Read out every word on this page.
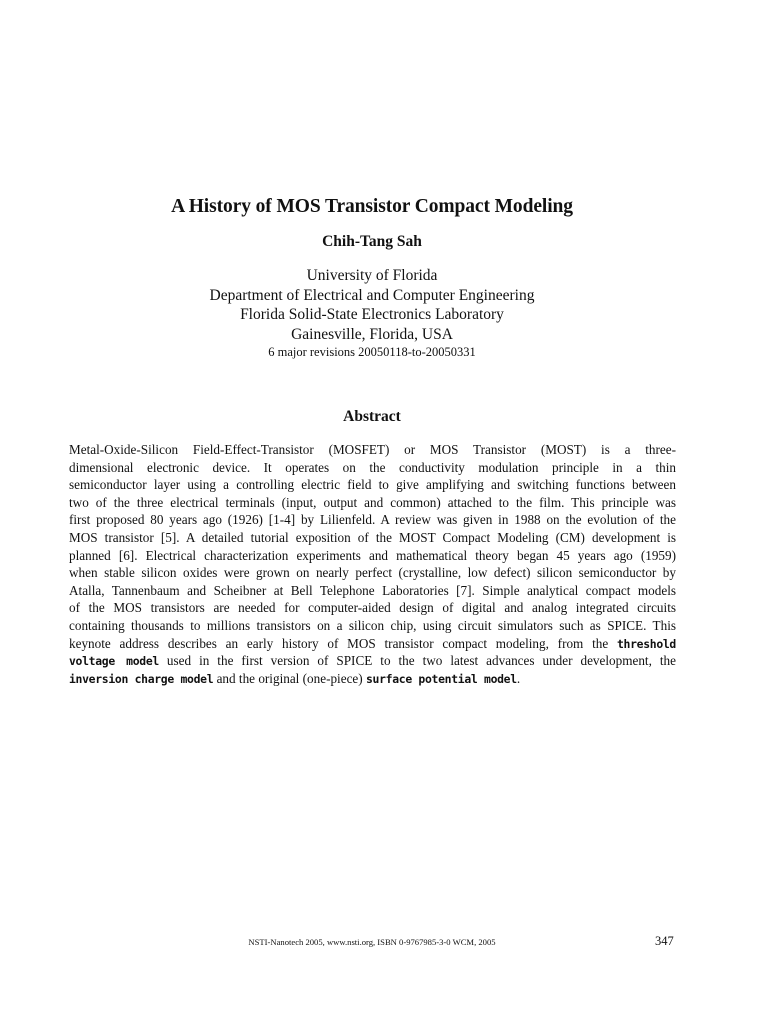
A History of MOS Transistor Compact Modeling
Chih-Tang Sah
University of Florida
Department of Electrical and Computer Engineering
Florida Solid-State Electronics Laboratory
Gainesville, Florida, USA
6 major revisions 20050118-to-20050331
Abstract
Metal-Oxide-Silicon Field-Effect-Transistor (MOSFET) or MOS Transistor (MOST) is a three-
dimensional electronic device. It operates on the conductivity modulation principle in a thin
semiconductor layer using a controlling electric field to give amplifying and switching functions between
two of the three electrical terminals (input, output and common) attached to the film. This principle was
first proposed 80 years ago (1926) [1-4] by Lilienfeld. A review was given in 1988 on the evolution of the
MOS transistor [5]. A detailed tutorial exposition of the MOST Compact Modeling (CM) development is
planned [6]. Electrical characterization experiments and mathematical theory began 45 years ago (1959)
when stable silicon oxides were grown on nearly perfect (crystalline, low defect) silicon semiconductor by
Atalla, Tannenbaum and Scheibner at Bell Telephone Laboratories [7]. Simple analytical compact models
of the MOS transistors are needed for computer-aided design of digital and analog integrated circuits
containing thousands to millions transistors on a silicon chip, using circuit simulators such as SPICE. This
keynote address describes an early history of MOS transistor compact modeling, from the threshold
voltage model used in the first version of SPICE to the two latest advances under development, the
inversion charge model and the original (one-piece) surface potential model.
NSTI-Nanotech 2005, www.nsti.org, ISBN 0-9767985-3-0 WCM, 2005	347
